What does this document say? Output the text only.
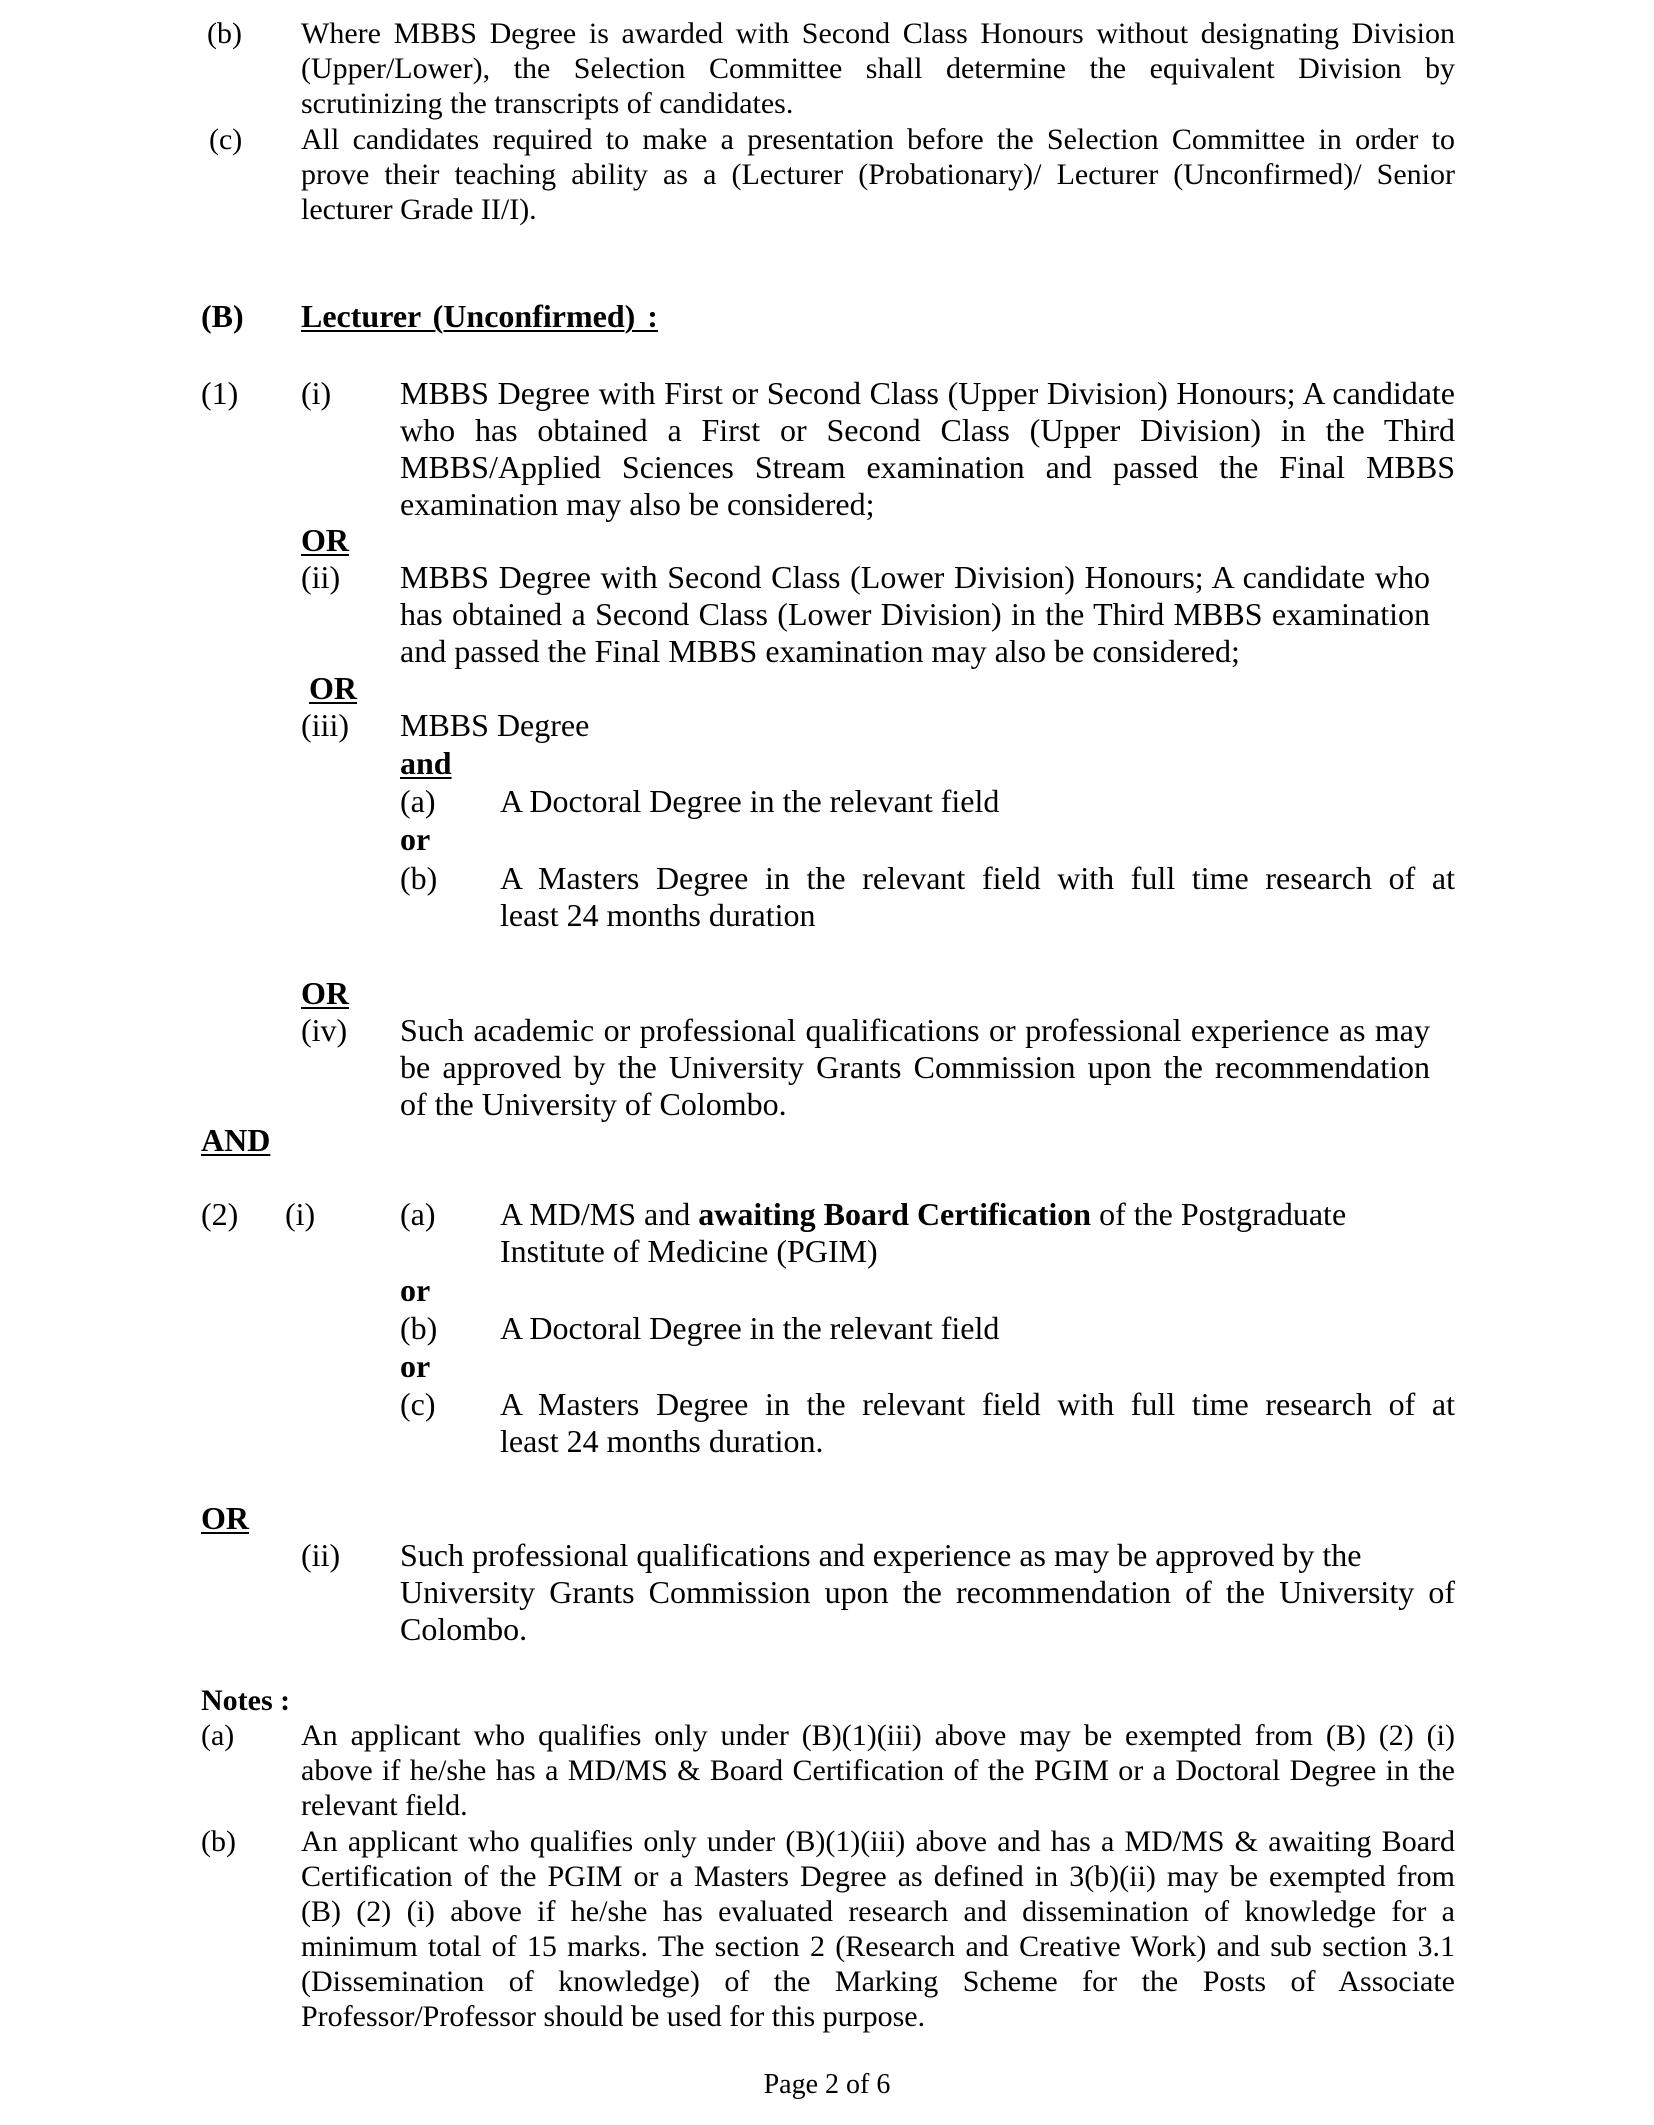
(b) Where MBBS Degree is awarded with Second Class Honours without designating Division
(Upper/Lower), the Selection Committee shall determine the equivalent Division by
scrutinizing the transcripts of candidates.
(c) All candidates required to make a presentation before the Selection Committee in order to
prove their teaching ability as a (Lecturer (Probationary)/ Lecturer (Unconfirmed)/ Senior
lecturer Grade II/I).
(B) Lecturer (Unconfirmed) :
(1) (i) MBBS Degree with First or Second Class (Upper Division) Honours; A candidate
who has obtained a First or Second Class (Upper Division) in the Third
MBBS/Applied Sciences Stream examination and passed the Final MBBS
examination may also be considered;
OR
(ii) MBBS Degree with Second Class (Lower Division) Honours; A candidate who
has obtained a Second Class (Lower Division) in the Third MBBS examination
and passed the Final MBBS examination may also be considered;
OR
(iii) MBBS Degree
and
(a) A Doctoral Degree in the relevant field
or
(b) A Masters Degree in the relevant field with full time research of at
least 24 months duration
OR
(iv) Such academic or professional qualifications or professional experience as may
be approved by the University Grants Commission upon the recommendation
of the University of Colombo.
AND
(2) (i)	(a) A MD/MS and awaiting Board Certification of the Postgraduate
Institute of Medicine (PGIM)
or
(b) A Doctoral Degree in the relevant field
or
(c) A Masters Degree in the relevant field with full time research of at
least 24 months duration.
OR
(ii) Such professional qualifications and experience as may be approved by the
University Grants Commission upon the recommendation of the University of
Colombo.
Notes :
(a) An applicant who qualifies only under (B)(1)(iii) above may be exempted from (B) (2) (i)
above if he/she has a MD/MS & Board Certification of the PGIM or a Doctoral Degree in the
relevant field.
(b) An applicant who qualifies only under (B)(1)(iii) above and has a MD/MS & awaiting Board
Certification of the PGIM or a Masters Degree as defined in 3(b)(ii) may be exempted from
(B) (2) (i) above if he/she has evaluated research and dissemination of knowledge for a
minimum total of 15 marks. The section 2 (Research and Creative Work) and sub section 3.1
(Dissemination of knowledge) of the Marking Scheme for the Posts of Associate
Professor/Professor should be used for this purpose.
Page 2 of 6
